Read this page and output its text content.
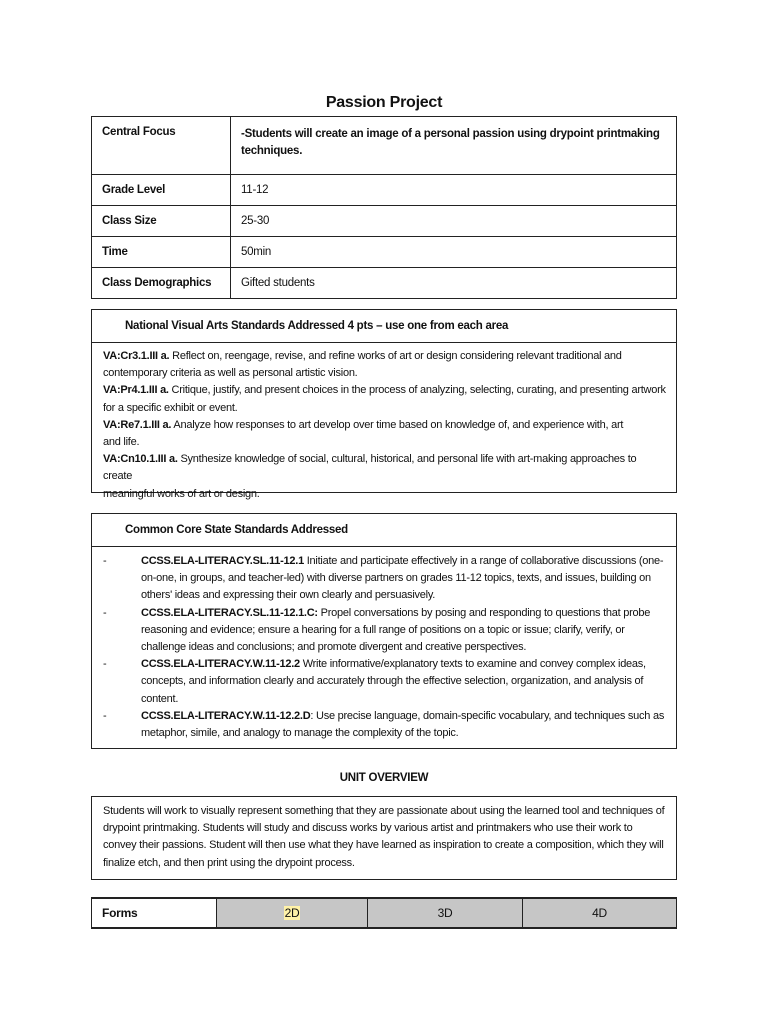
Passion Project
Central Focus	-Students will create an image of a personal passion using drypoint printmaking
techniques.

Grade Level	11-12
Class Size	25-30
Time	50min
Class Demographics	Gifted students
National Visual Arts Standards Addressed 4 pts – use one from each area
VA:Cr3.1.III a. Reflect on, reengage, revise, and refine works of art or design considering relevant traditional and
contemporary criteria as well as personal artistic vision.
VA:Pr4.1.III a. Critique, justify, and present choices in the process of analyzing, selecting, curating, and presenting artwork
for a specific exhibit or event.
VA:Re7.1.III a. Analyze how responses to art develop over time based on knowledge of, and experience with, art
and life.
VA:Cn10.1.III a. Synthesize knowledge of social, cultural, historical, and personal life with art-making approaches to create
meaningful works of art or design.
Common Core State Standards Addressed
-	CCSS.ELA-LITERACY.SL.11-12.1 Initiate and participate effectively in a range of collaborative discussions (one-on-one, in groups, and teacher-led) with diverse partners on grades 11-12 topics, texts, and issues, building on others' ideas and expressing their own clearly and persuasively.
-	CCSS.ELA-LITERACY.SL.11-12.1.C: Propel conversations by posing and responding to questions that probe reasoning and evidence; ensure a hearing for a full range of positions on a topic or issue; clarify, verify, or challenge ideas and conclusions; and promote divergent and creative perspectives.
-	CCSS.ELA-LITERACY.W.11-12.2 Write informative/explanatory texts to examine and convey complex ideas, concepts, and information clearly and accurately through the effective selection, organization, and analysis of content.
-	CCSS.ELA-LITERACY.W.11-12.2.D: Use precise language, domain-specific vocabulary, and techniques such as metaphor, simile, and analogy to manage the complexity of the topic.
UNIT OVERVIEW
Students will work to visually represent something that they are passionate about using the learned tool and techniques of drypoint printmaking. Students will study and discuss works by various artist and printmakers who use their work to convey their passions. Student will then use what they have learned as inspiration to create a composition, which they will finalize etch, and then print using the drypoint process.
Forms	2D	3D	4D
